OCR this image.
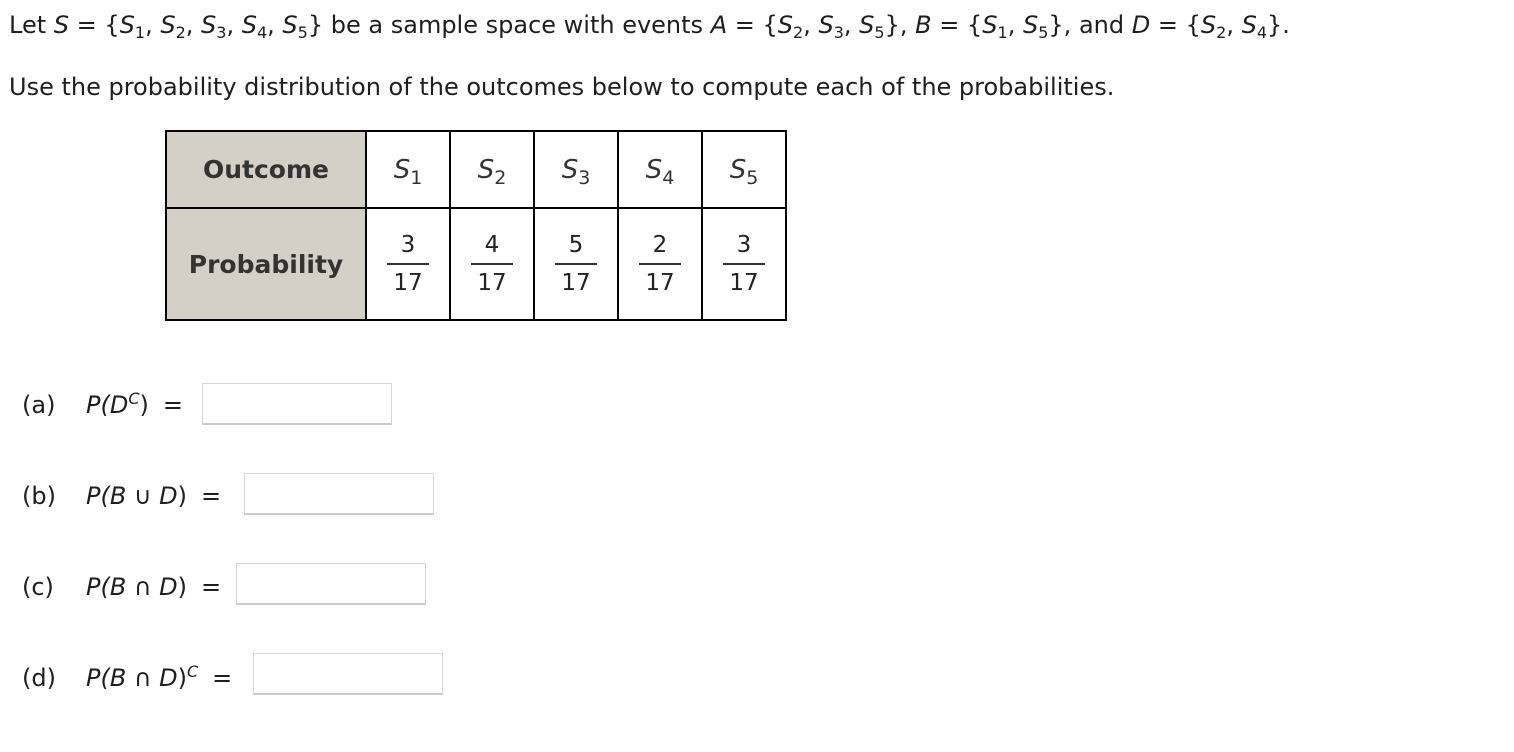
Let $S = \{S_1$, $S_2$, $S_3$, $S_4$, $S_5$} be a sample space with events $A = \{S_2$, $S_3$, $S_5$}, $B = \{S_1$, $S_5$}, and $D = \{S_2$, $S_4$}.
Use the probability distribution of the outcomes below to compute each of the probabilities.
Outcome	$S_1$	$S_2$	$S_3$	$S_4$	$S_5$
Probability	$\frac{3}{17}$	$\frac{4}{17}$	$\frac{5}{17}$	$\frac{2}{17}$	$\frac{3}{17}$
(a) $P(D^C)$ =
(b) P(B ∪ D) =
(c) P(B ∩ D) =
(d) P(B ∩ D)$^C$ =
